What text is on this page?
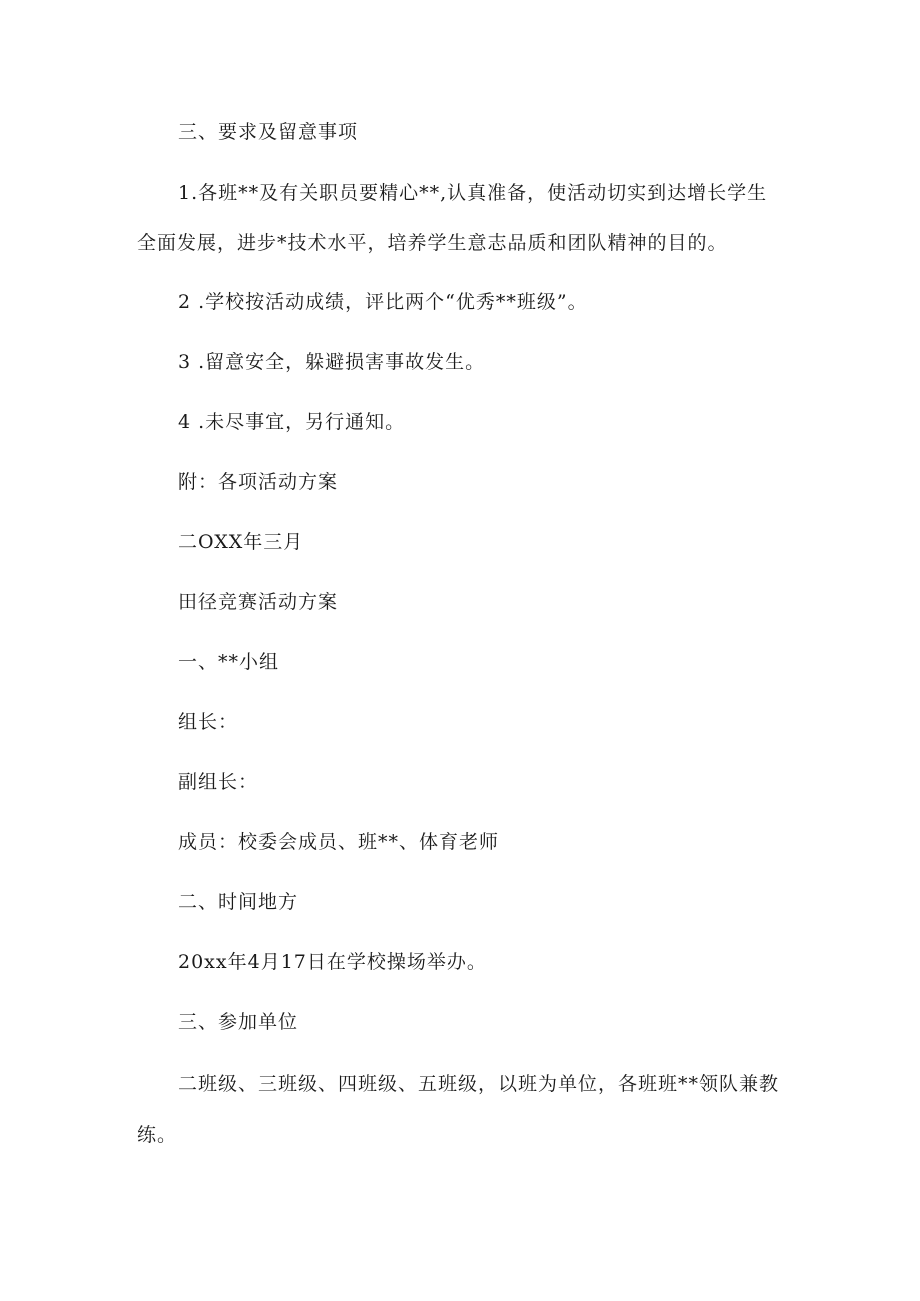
三、要求及留意事项
1.各班**及有关职员要精心**,认真准备，使活动切实到达增长学生
全面发展，进步*技术水平，培养学生意志品质和团队精神的目的。
2 .学校按活动成绩，评比两个“优秀**班级”。
3 .留意安全，躲避损害事故发生。
4 .未尽事宜，另行通知。
附：各项活动方案
二OXX年三月
田径竞赛活动方案
一、**小组
组长：
副组长：
成员：校委会成员、班**、体育老师
二、时间地方
20xx年4月17日在学校操场举办。
三、参加单位
二班级、三班级、四班级、五班级，以班为单位，各班班**领队兼教
练。
